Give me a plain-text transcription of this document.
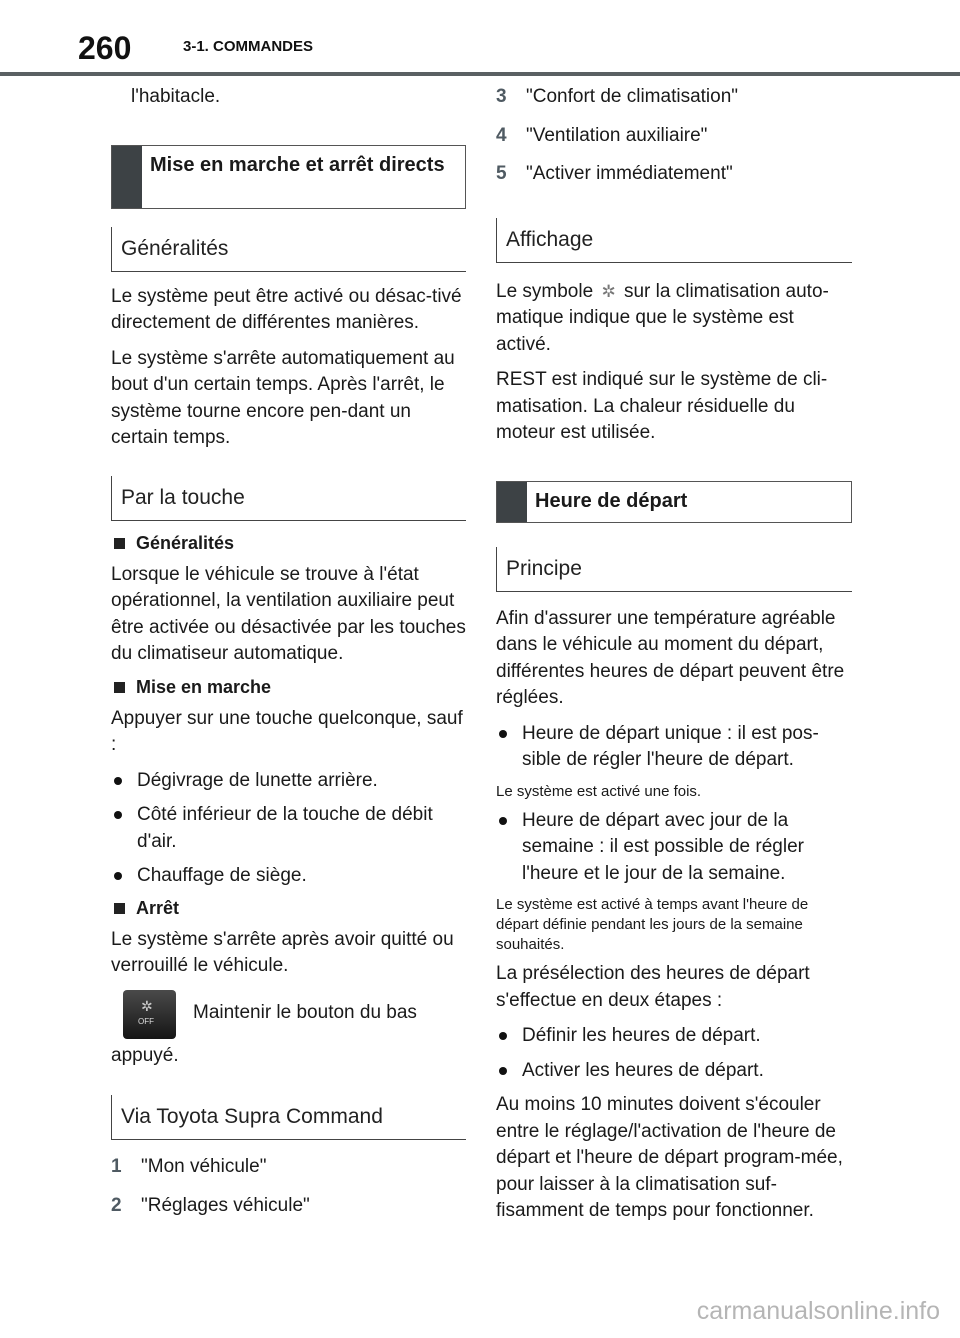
260	3-1. COMMANDES

l'habitacle.

Mise en marche et arrêt directs
Généralités

Le système peut être activé ou désac-tivé directement de différentes manières.

Le système s'arrête automatiquement au bout d'un certain temps. Après l'arrêt, le système tourne encore pen-dant un certain temps.

Par la touche
Généralités

Lorsque le véhicule se trouve à l'état opérationnel, la ventilation auxiliaire peut être activée ou désactivée par les touches du climatiseur automatique.

Mise en marche

Appuyer sur une touche quelconque, sauf :

Dégivrage de lunette arrière.

Côté inférieur de la touche de débit d'air.

Chauffage de siège.

Arrêt

Le système s'arrête après avoir quitté ou verrouillé le véhicule.

✲
OFF Maintenir le bouton du bas

appuyé.

Via Toyota Supra Command
1	"Mon véhicule"

2	"Réglages véhicule"

3	"Confort de climatisation"

4	"Ventilation auxiliaire"

5	"Activer immédiatement"

Affichage

Le symbole ✲ sur la climatisation auto-matique indique que le système est activé.

REST est indiqué sur le système de cli-matisation. La chaleur résiduelle du moteur est utilisée.

Heure de départ
Principe

Afin d'assurer une température agréable dans le véhicule au moment du départ, différentes heures de départ peuvent être réglées.

Heure de départ unique : il est pos-sible de régler l'heure de départ.

Le système est activé une fois.

Heure de départ avec jour de la semaine : il est possible de régler l'heure et le jour de la semaine.

Le système est activé à temps avant l'heure de départ définie pendant les jours de la semaine souhaités.

La présélection des heures de départ s'effectue en deux étapes :

Définir les heures de départ.

Activer les heures de départ.

Au moins 10 minutes doivent s'écouler entre le réglage/l'activation de l'heure de départ et l'heure de départ program-mée, pour laisser à la climatisation suf-fisamment de temps pour fonctionner.

carmanualsonline.info
